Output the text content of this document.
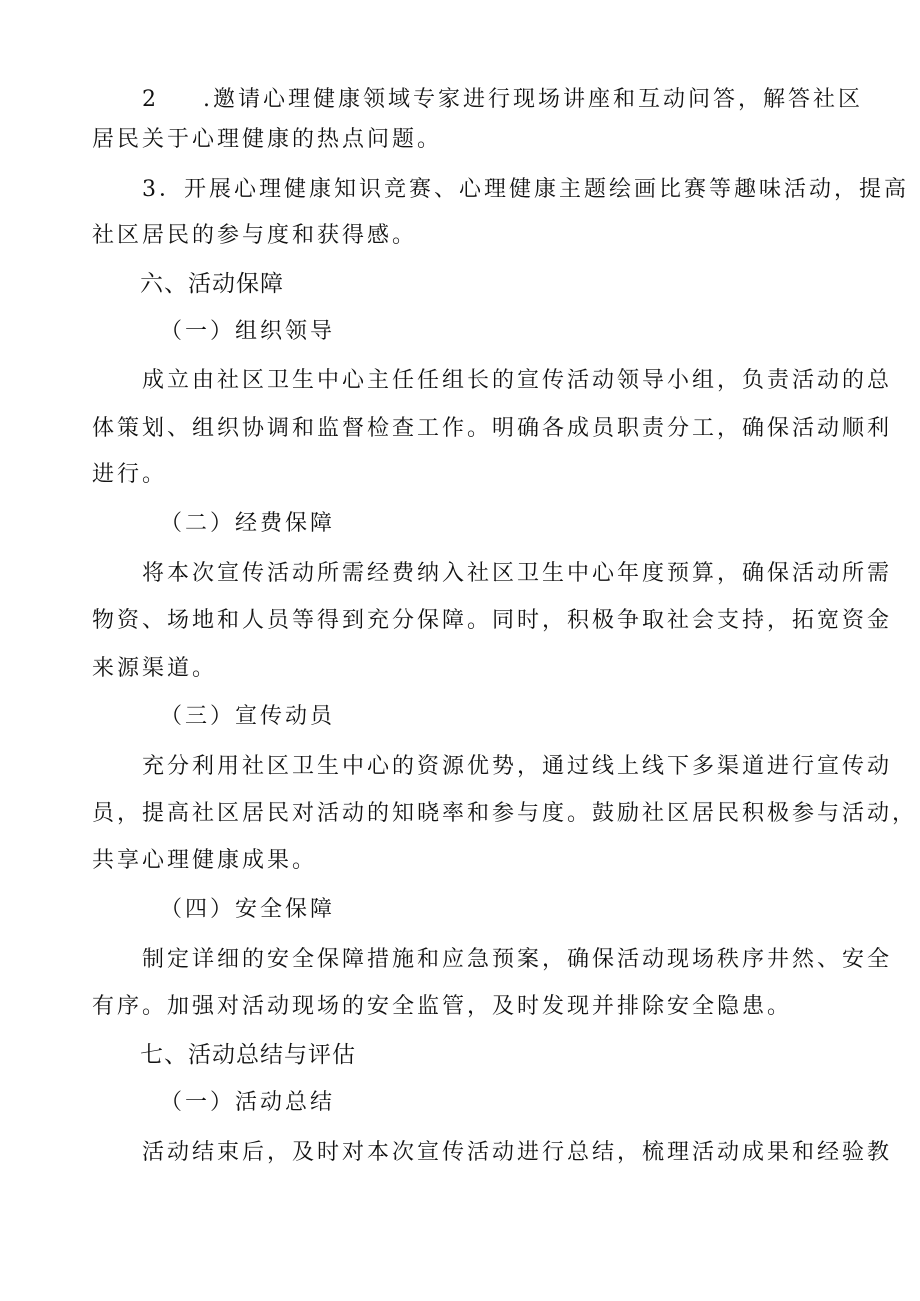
2 .邀请心理健康领域专家进行现场讲座和互动问答，解答社区
居民关于心理健康的热点问题。
3．开展心理健康知识竞赛、心理健康主题绘画比赛等趣味活动，提高
社区居民的参与度和获得感。
六、活动保障
（一）组织领导
成立由社区卫生中心主任任组长的宣传活动领导小组，负责活动的总
体策划、组织协调和监督检查工作。明确各成员职责分工，确保活动顺利
进行。
（二）经费保障
将本次宣传活动所需经费纳入社区卫生中心年度预算，确保活动所需
物资、场地和人员等得到充分保障。同时，积极争取社会支持，拓宽资金
来源渠道。
（三）宣传动员
充分利用社区卫生中心的资源优势，通过线上线下多渠道进行宣传动
员，提高社区居民对活动的知晓率和参与度。鼓励社区居民积极参与活动，
共享心理健康成果。
（四）安全保障
制定详细的安全保障措施和应急预案，确保活动现场秩序井然、安全
有序。加强对活动现场的安全监管，及时发现并排除安全隐患。
七、活动总结与评估
（一）活动总结
活动结束后，及时对本次宣传活动进行总结，梳理活动成果和经验教
